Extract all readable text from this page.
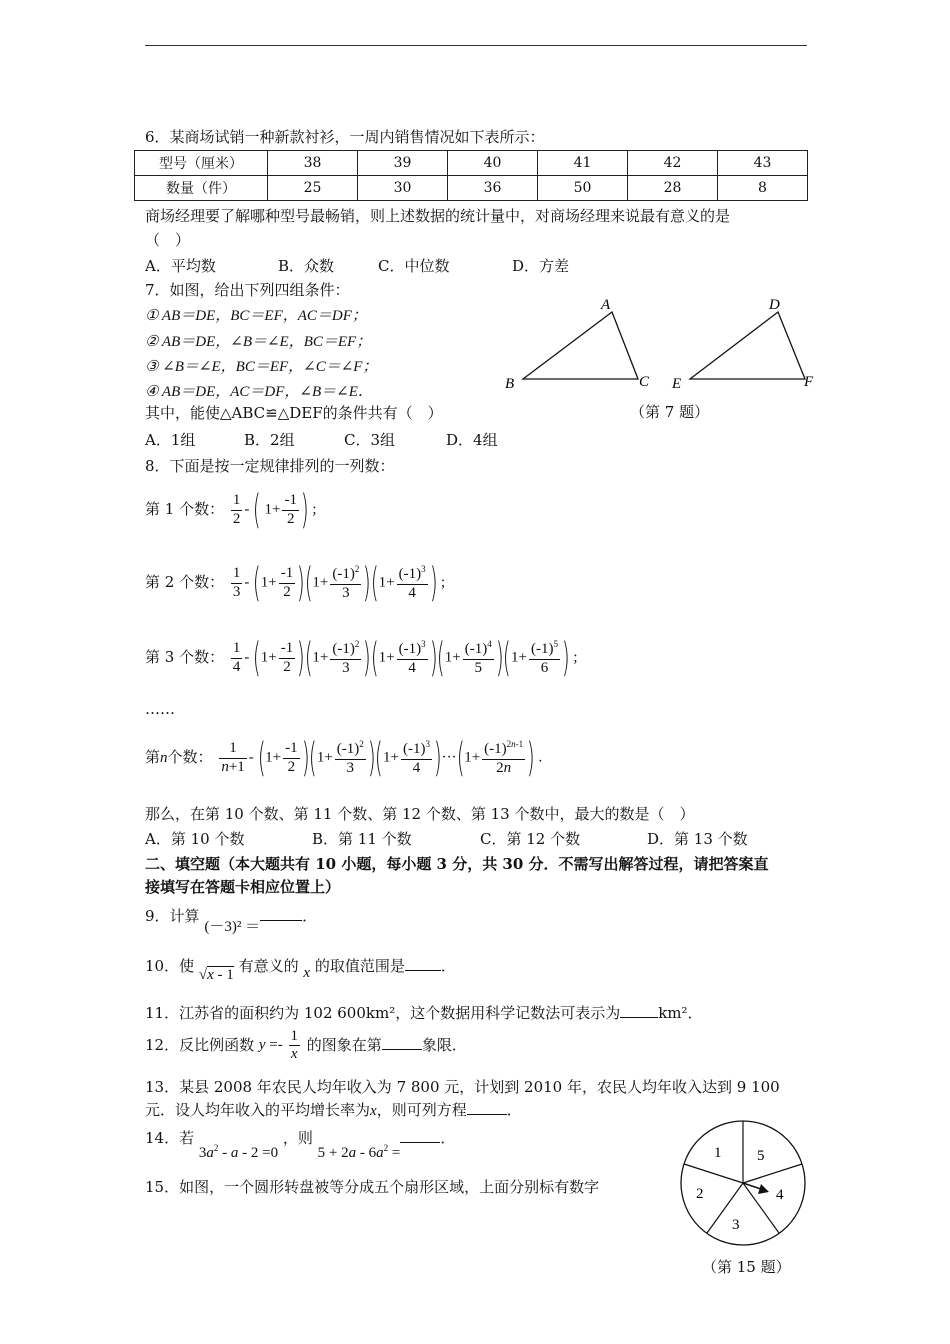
6．某商场试销一种新款衬衫，一周内销售情况如下表所示：
型号（厘米）	38	39	40	41	42	43
数量（件）	25	30	36	50	28	8
商场经理要了解哪种型号最畅销，则上述数据的统计量中，对商场经理来说最有意义的是
（　）
A．平均数	B．众数	C．中位数	D．方差
7．如图，给出下列四组条件：
① AB＝DE，BC＝EF，AC＝DF；
② AB＝DE，∠B＝∠E，BC＝EF；
③ ∠B＝∠E，BC＝EF，∠C＝∠F；
④ AB＝DE，AC＝DF，∠B＝∠E．
其中，能使△ABC≌△DEF的条件共有（　）
A．1组	B．2组	C．3组	D．4组
A
B	C
D
E	F
（第 7 题）
8．下面是按一定规律排列的一列数：
第 1 个数： $\frac{1}{2}$ - ( $1+ \frac{-1}{2}$ ) ;
第 2 个数： $\frac{1}{3} - (1+ \frac{-1}{2} )(1+ \frac{(-1)^2}{3} )(1+ \frac{(-1)^3}{4}$ ) ;
第 3 个数： $\frac{1}{4} - (1+ \frac{-1}{2} )(1+ \frac{(-1)^2}{3} )(1+ \frac{(-1)^3}{4} )(1+ \frac{(-1)^4}{5} )(1+ \frac{(-1)^5}{6}$ ) ;
……
第n个数： $\frac{1}{n+1} - (1+ \frac{-1}{2} )(1+ \frac{(-1)^2}{3} )(1+ \frac{(-1)^3}{4} )\cdot\cdot\cdot(1+ \frac{(-1)^{2n-1}}{2n}$ ) .
那么，在第 10 个数、第 11 个数、第 12 个数、第 13 个数中，最大的数是（　）
A．第 10 个数	B．第 11 个数	C．第 12 个数	D．第 13 个数
二、填空题（本大题共有 10 小题，每小题 3 分，共 30 分．不需写出解答过程，请把答案直
接填写在答题卡相应位置上）
9．计算 (－3)² ＝．
10．使 √x - 1 有意义的 x 的取值范围是 ．
11．江苏省的面积约为 102 600km²，这个数据用科学记数法可表示为	km²．
12．反比例函数 $y =- \frac{1}{x}$ 的图象在第	象限．
13．某县 2008 年农民人均年收入为 7 800 元，计划到 2010 年，农民人均年收入达到 9 100
元．设人均年收入的平均增长率为x，则可列方程	．
14．若 $3a^2 - a - 2 =0$ ，则 $5 + 2a - 6a^2$ =．
15．如图，一个圆形转盘被等分成五个扇形区域，上面分别标有数字
1 5
4
3
2
（第 15 题）
